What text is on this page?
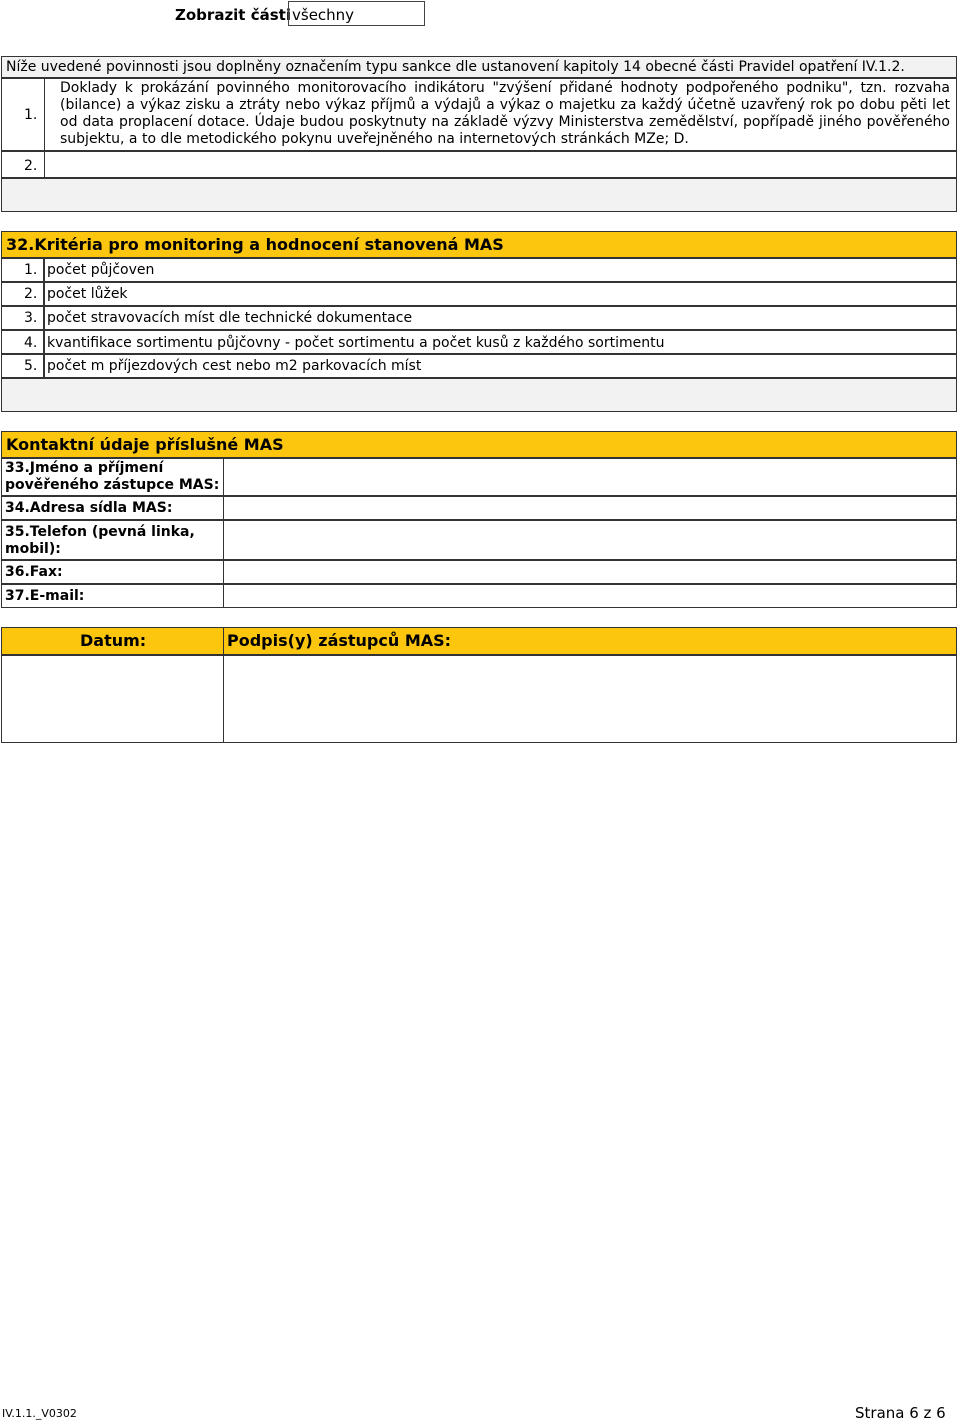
Zobrazit části všechny
Níže uvedené povinnosti jsou doplněny označením typu sankce dle ustanovení kapitoly 14 obecné části Pravidel opatření IV.1.2.
1.
Doklady k prokázání povinného monitorovacího indikátoru "zvýšení přidané hodnoty podpořeného podniku", tzn. rozvaha (bilance) a výkaz zisku a ztráty nebo výkaz příjmů a výdajů a výkaz o majetku za každý účetně uzavřený rok po dobu pěti let od data proplacení dotace. Údaje budou poskytnuty na základě výzvy Ministerstva zemědělství, popřípadě jiného pověřeného subjektu, a to dle metodického pokynu uveřejněného na internetových stránkách MZe; D.
2.
32.Kritéria pro monitoring a hodnocení stanovená MAS
1. počet půjčoven
2. počet lůžek
3. počet stravovacích míst dle technické dokumentace
4. kvantifikace sortimentu půjčovny - počet sortimentu a počet kusů z každého sortimentu
5. počet m příjezdových cest nebo m2 parkovacích míst
Kontaktní údaje příslušné MAS
33.Jméno a příjmení pověřeného zástupce MAS:
34.Adresa sídla MAS:
35.Telefon (pevná linka, mobil):
36.Fax:
37.E-mail:
Datum:	Podpis(y) zástupců MAS:
IV.1.1._V0302	Strana 6 z 6
